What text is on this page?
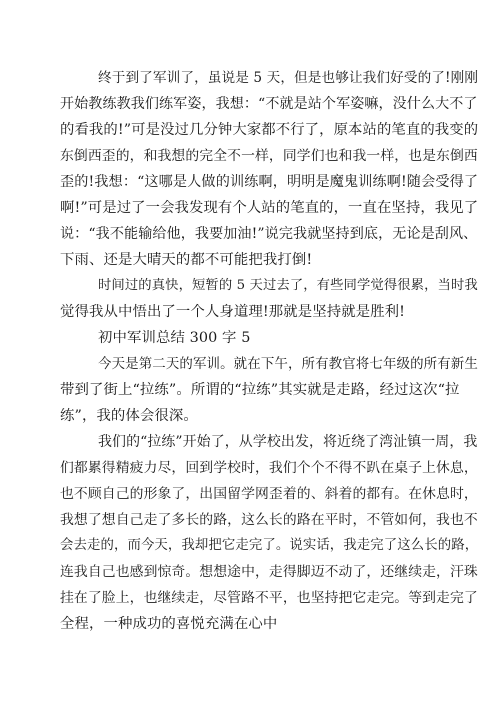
终于到了军训了，虽说是 5 天，但是也够让我们好受的了!刚刚
开始教练教我们练军姿，我想：“不就是站个军姿嘛，没什么大不了
的看我的!”可是没过几分钟大家都不行了，原本站的笔直的我变的
东倒西歪的，和我想的完全不一样，同学们也和我一样，也是东倒西
歪的!我想：“这哪是人做的训练啊，明明是魔鬼训练啊!随会受得了
啊!”可是过了一会我发现有个人站的笔直的，一直在坚持，我见了
说：“我不能输给他，我要加油!”说完我就坚持到底，无论是刮风、
下雨、还是大晴天的都不可能把我打倒!
时间过的真快，短暂的 5 天过去了，有些同学觉得很累，当时我
觉得我从中悟出了一个人身道理!那就是坚持就是胜利!
初中军训总结 300 字 5
今天是第二天的军训。就在下午，所有教官将七年级的所有新生
带到了街上“拉练”。所谓的“拉练”其实就是走路，经过这次“拉
练”，我的体会很深。
我们的“拉练”开始了，从学校出发，将近绕了湾沚镇一周，我
们都累得精疲力尽，回到学校时，我们个个不得不趴在桌子上休息，
也不顾自己的形象了，出国留学网歪着的、斜着的都有。在休息时，
我想了想自己走了多长的路，这么长的路在平时，不管如何，我也不
会去走的，而今天，我却把它走完了。说实话，我走完了这么长的路，
连我自己也感到惊奇。想想途中，走得脚迈不动了，还继续走，汗珠
挂在了脸上，也继续走，尽管路不平，也坚持把它走完。等到走完了
全程，一种成功的喜悦充满在心中
